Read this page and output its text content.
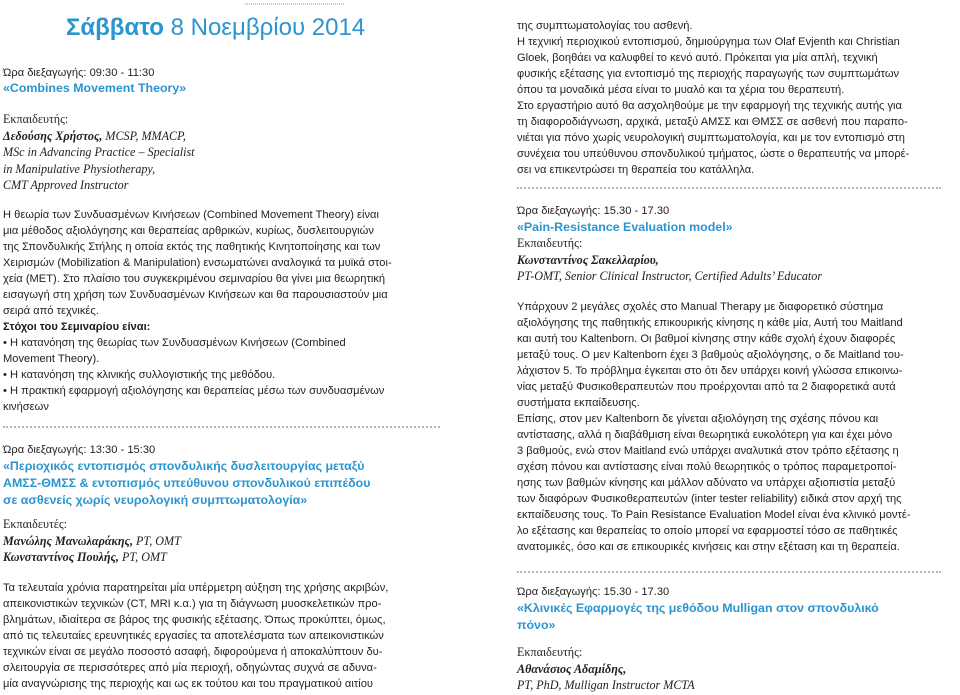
Σάββατο 8 Νοεμβρίου 2014
Ώρα διεξαγωγής: 09:30 - 11:30
«Combines Movement Theory»
Εκπαιδευτής:
Δεδούσης Χρήστος, MCSP, MMACP,
MSc in Advancing Practice – Specialist
in Manipulative Physiotherapy,
CMT Approved Instructor
Η θεωρία των Συνδυασμένων Κινήσεων (Combined Movement Theory) είναι
μια μέθοδος αξιολόγησης και θεραπείας αρθρικών, κυρίως, δυσλειτουργιών
της Σπονδυλικής Στήλης η οποία εκτός της παθητικής Κινητοποίησης και των
Χειρισμών (Mobilization & Manipulation) ενσωματώνει αναλογικά τα μυϊκά στοι-
χεία (ΜΕΤ). Στο πλαίσιο του συγκεκριμένου σεμιναρίου θα γίνει μια θεωρητική
εισαγωγή στη χρήση των Συνδυασμένων Κινήσεων και θα παρουσιαστούν μια
σειρά από τεχνικές.
Στόχοι του Σεμιναρίου είναι:
• Η κατανόηση της θεωρίας των Συνδυασμένων Κινήσεων (Combined
Movement Theory).
• Η κατανόηση της κλινικής συλλογιστικής της μεθόδου.
• Η πρακτική εφαρμογή αξιολόγησης και θεραπείας μέσω των συνδυασμένων
κινήσεων
Ώρα διεξαγωγής: 13:30 - 15:30
«Περιοχικός εντοπισμός σπονδυλικής δυσλειτουργίας μεταξύ
ΑΜΣΣ-ΘΜΣΣ & εντοπισμός υπεύθυνου σπονδυλικού επιπέδου
σε ασθενείς χωρίς νευρολογική συμπτωματολογία»
Εκπαιδευτές:
Μανώλης Μανωλαράκης, PT, OMT
Κωνσταντίνος Πουλής, PT, OMT
Τα τελευταία χρόνια παρατηρείται μία υπέρμετρη αύξηση της χρήσης ακριβών,
απεικονιστικών τεχνικών (CT, MRI κ.α.) για τη διάγνωση μυοσκελετικών προ-
βλημάτων, ιδιαίτερα σε βάρος της φυσικής εξέτασης. Όπως προκύπτει, όμως,
από τις τελευταίες ερευνητικές εργασίες τα αποτελέσματα των απεικονιστικών
τεχνικών είναι σε μεγάλο ποσοστό ασαφή, διφορούμενα ή αποκαλύπτουν δυ-
σλειτουργία σε περισσότερες από μία περιοχή, οδηγώντας συχνά σε αδυνα-
μία αναγνώρισης της περιοχής και ως εκ τούτου και του πραγματικού αιτίου
της συμπτωματολογίας του ασθενή.
Η τεχνική περιοχικού εντοπισμού, δημιούργημα των Olaf Evjenth και Christian
Gloek, βοηθάει να καλυφθεί το κενό αυτό. Πρόκειται για μία απλή, τεχνική
φυσικής εξέτασης για εντοπισμό της περιοχής παραγωγής των συμπτωμάτων
όπου τα μοναδικά μέσα είναι το μυαλό και τα χέρια του θεραπευτή.
Στο εργαστήριο αυτό θα ασχοληθούμε με την εφαρμογή της τεχνικής αυτής για
τη διαφοροδιάγνωση, αρχικά, μεταξύ ΑΜΣΣ και ΘΜΣΣ σε ασθενή που παραπο-
νιέται για πόνο χωρίς νευρολογική συμπτωματολογία, και με τον εντοπισμό στη
συνέχεια του υπεύθυνου σπονδυλικού τμήματος, ώστε ο θεραπευτής να μπορέ-
σει να επικεντρώσει τη θεραπεία του κατάλληλα.
Ώρα διεξαγωγής: 15.30 - 17.30
«Pain-Resistance Evaluation model»
Εκπαιδευτής:
Κωνσταντίνος Σακελλαρίου,
PT-OMT, Senior Clinical Instructor, Certified Adults’ Educator
Υπάρχουν 2 μεγάλες σχολές στο Manual Therapy με διαφορετικό σύστημα
αξιολόγησης της παθητικής επικουρικής κίνησης η κάθε μία, Αυτή του Maitland
και αυτή του Kaltenborn. Οι βαθμοί κίνησης στην κάθε σχολή έχουν διαφορές
μεταξύ τους. Ο μεν Kaltenborn έχει 3 βαθμούς αξιολόγησης, ο δε Maitland του-
λάχιστον 5. Το πρόβλημα έγκειται στο ότι δεν υπάρχει κοινή γλώσσα επικοινω-
νίας μεταξύ Φυσικοθεραπευτών που προέρχονται από τα 2 διαφορετικά αυτά
συστήματα εκπαίδευσης.
Επίσης, στον μεν Kaltenborn δε γίνεται αξιολόγηση της σχέσης πόνου και
αντίστασης, αλλά η διαβάθμιση είναι θεωρητικά ευκολότερη για και έχει μόνο
3 βαθμούς, ενώ στον Maitland ενώ υπάρχει αναλυτικά στον τρόπο εξέτασης η
σχέση πόνου και αντίστασης είναι πολύ θεωρητικός ο τρόπος παραμετροποί-
ησης των βαθμών κίνησης και μάλλον αδύνατο να υπάρχει αξιοπιστία μεταξύ
των διαφόρων Φυσικοθεραπευτών (inter tester reliability) ειδικά στον αρχή της
εκπαίδευσης τους. To Pain Resistance Evaluation Model είναι ένα κλινικό μοντέ-
λο εξέτασης και θεραπείας το οποίο μπορεί να εφαρμοστεί τόσο σε παθητικές
ανατομικές, όσο και σε επικουρικές κινήσεις και στην εξέταση και τη θεραπεία.
Ώρα διεξαγωγής: 15.30 - 17.30
«Κλινικές Εφαρμογές της μεθόδου Mulligan στον σπονδυλικό
πόνο»
Εκπαιδευτής:
Αθανάσιος Αδαμίδης,
PT, PhD, Mulligan Instructor MCTA
